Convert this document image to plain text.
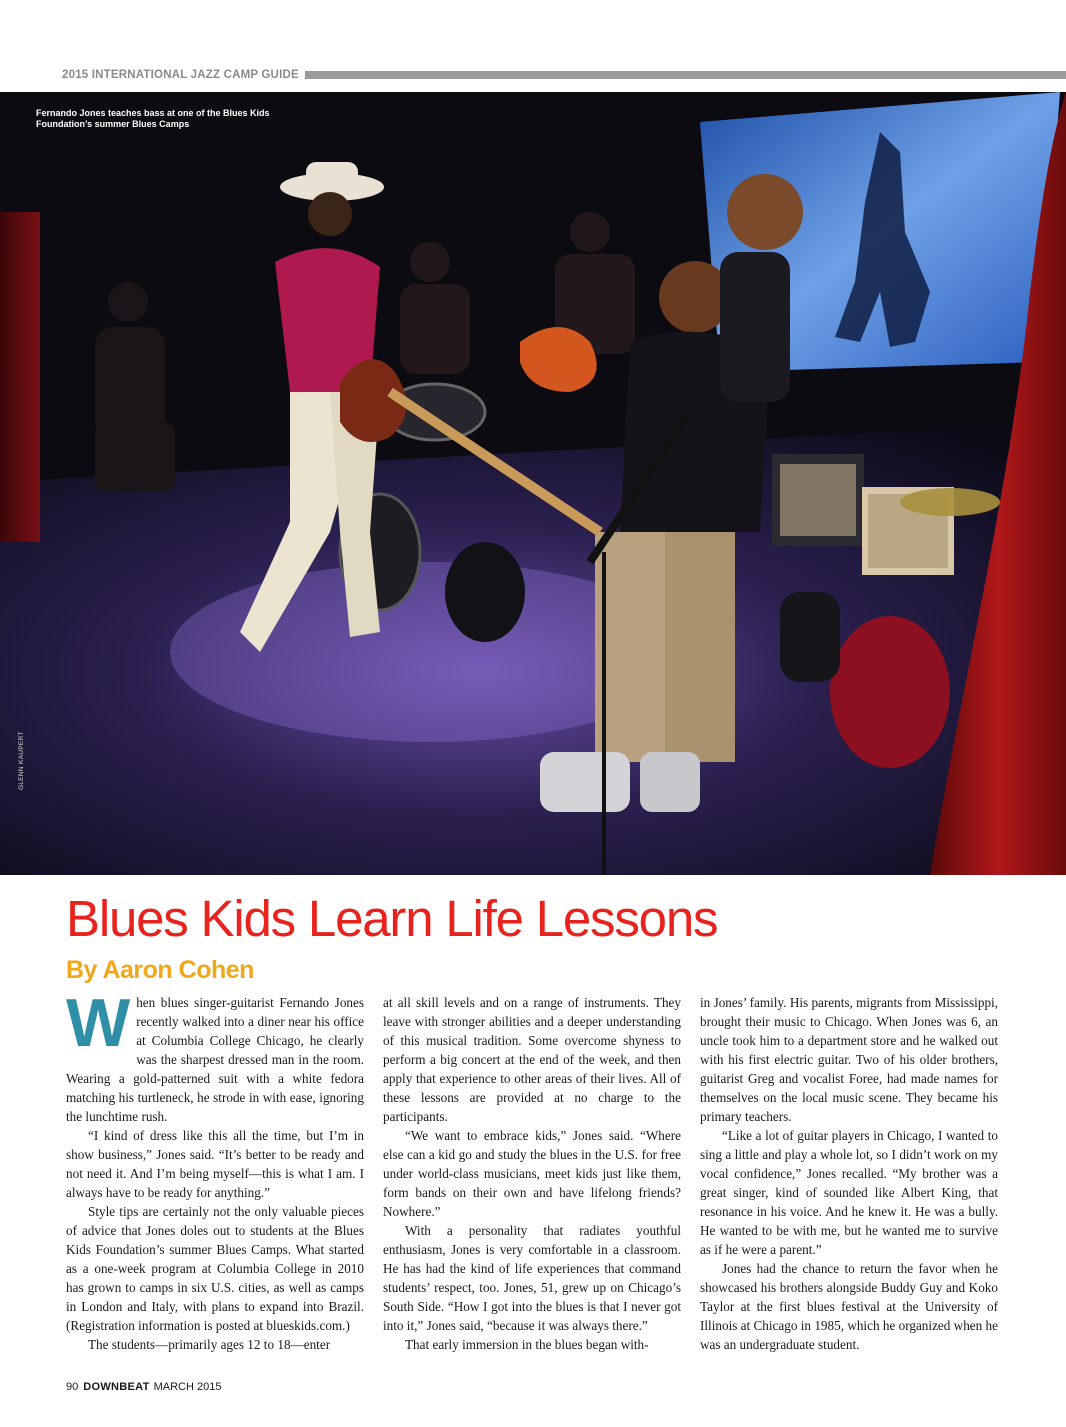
2015 INTERNATIONAL JAZZ CAMP GUIDE
Fernando Jones teaches bass at one of the Blues Kids Foundation’s summer Blues Camps
GLENN KAUPERT
Blues Kids Learn Life Lessons
By Aaron Cohen

When blues singer-guitarist Fernando Jones recently walked into a diner near his office at Columbia College Chicago, he clearly was the sharpest dressed man in the room. Wearing a gold-patterned suit with a white fedora matching his turtleneck, he strode in with ease, ignoring the lunchtime rush.

“I kind of dress like this all the time, but I’m in show business,” Jones said. “It’s better to be ready and not need it. And I’m being myself—this is what I am. I always have to be ready for anything.”

Style tips are certainly not the only valuable pieces of advice that Jones doles out to students at the Blues Kids Foundation’s summer Blues Camps. What started as a one-week program at Columbia College in 2010 has grown to camps in six U.S. cities, as well as camps in London and Italy, with plans to expand into Brazil. (Registration information is posted at blueskids.com.)

The students—primarily ages 12 to 18—enter

at all skill levels and on a range of instruments. They leave with stronger abilities and a deeper understanding of this musical tradition. Some overcome shyness to perform a big concert at the end of the week, and then apply that experience to other areas of their lives. All of these lessons are provided at no charge to the participants.

“We want to embrace kids,” Jones said. “Where else can a kid go and study the blues in the U.S. for free under world-class musicians, meet kids just like them, form bands on their own and have lifelong friends? Nowhere.”

With a personality that radiates youthful enthusiasm, Jones is very comfortable in a classroom. He has had the kind of life experiences that command students’ respect, too. Jones, 51, grew up on Chicago’s South Side. “How I got into the blues is that I never got into it,” Jones said, “because it was always there.”

That early immersion in the blues began with-

in Jones’ family. His parents, migrants from Mississippi, brought their music to Chicago. When Jones was 6, an uncle took him to a department store and he walked out with his first electric guitar. Two of his older brothers, guitarist Greg and vocalist Foree, had made names for themselves on the local music scene. They became his primary teachers.

“Like a lot of guitar players in Chicago, I wanted to sing a little and play a whole lot, so I didn’t work on my vocal confidence,” Jones recalled. “My brother was a great singer, kind of sounded like Albert King, that resonance in his voice. And he knew it. He was a bully. He wanted to be with me, but he wanted me to survive as if he were a parent.”

Jones had the chance to return the favor when he showcased his brothers alongside Buddy Guy and Koko Taylor at the first blues festival at the University of Illinois at Chicago in 1985, which he organized when he was an undergraduate student.

90 DOWNBEAT MARCH 2015
